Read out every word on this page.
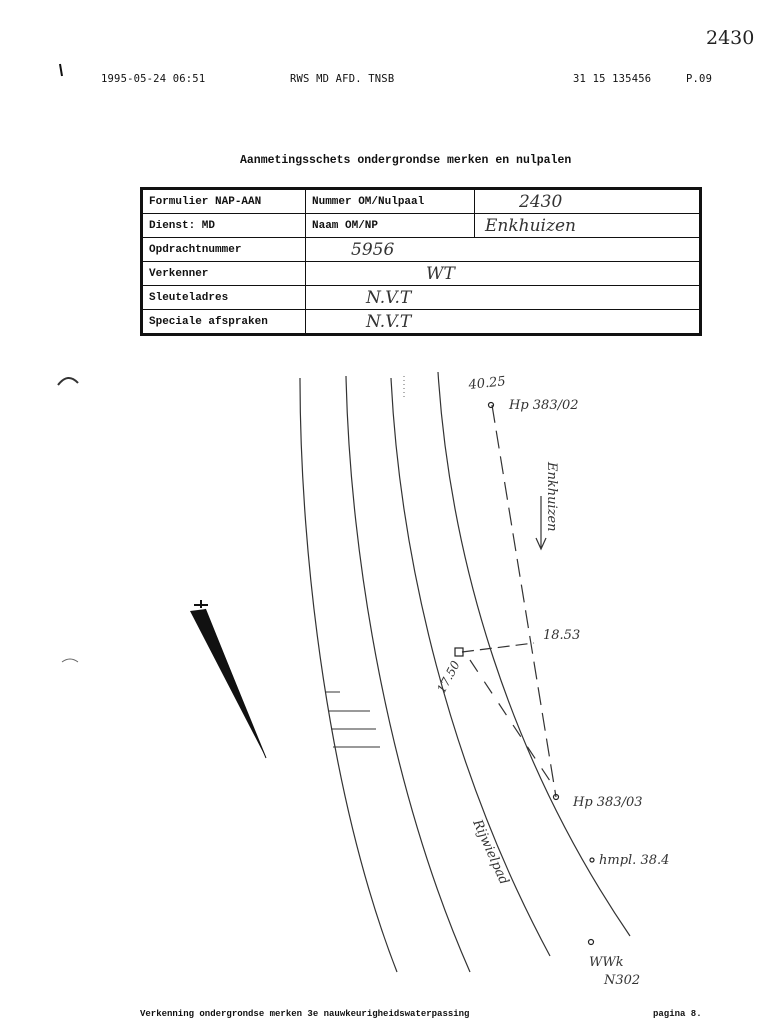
2430
1995-05-24 06:51	RWS MD AFD. TNSB	31 15 135456	P.09
Aanmetingsschets ondergrondse merken en nulpalen
Formulier NAP-AAN	Nummer OM/Nulpaal	2430
Dienst: MD	Naam OM/NP	Enkhuizen
Opdrachtnummer	5956	
Verkenner	WT	
Sleuteladres	N.V.T	
Speciale afspraken	N.V.T	
40.25
Hp 383/02
Enkhuizen
18.53
17.50
Hp 383/03
hmpl. 38.4
Rijwielpad
WWk
N302
Verkenning ondergrondse merken 3e nauwkeurigheidswaterpassing	pagina 8.
